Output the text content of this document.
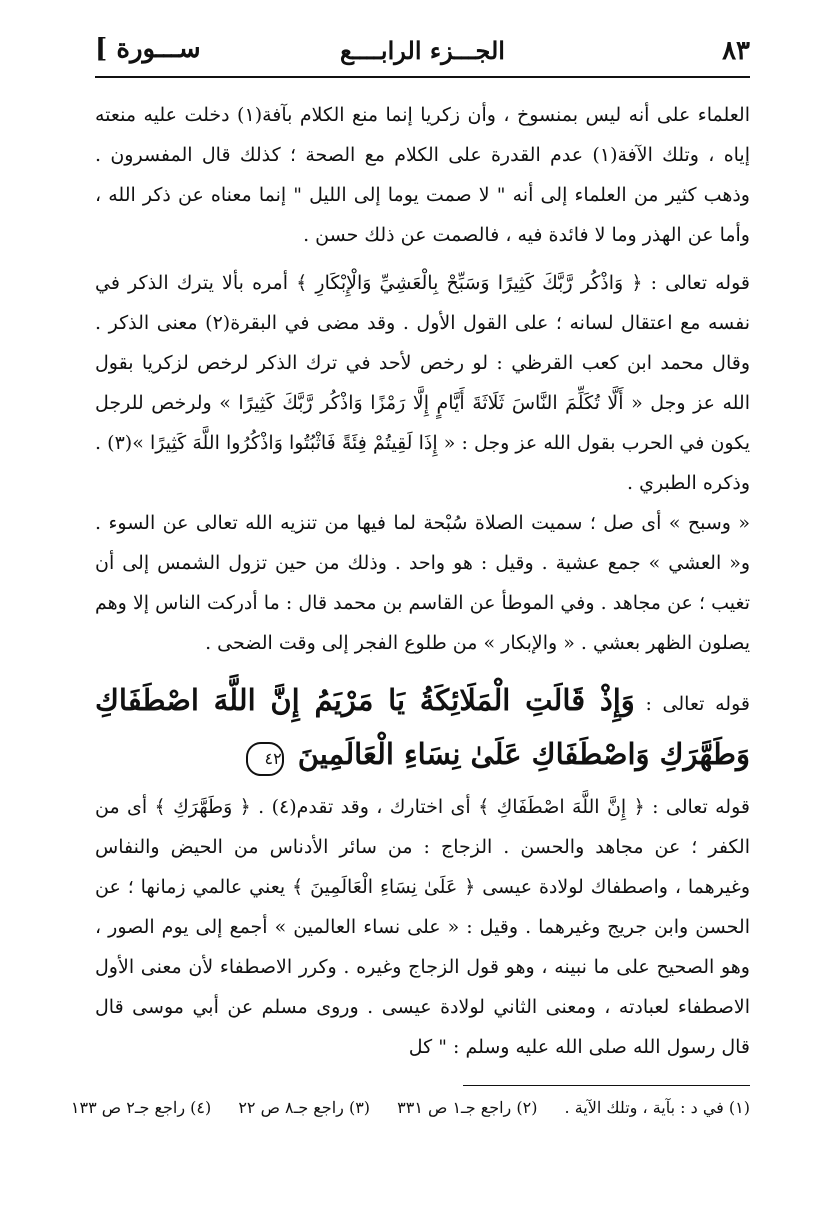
٨٣
الجـــزء الرابــــع
ســـورة ]

العلماء على أنه ليس بمنسوخ ، وأن زكريا إنما منع الكلام بآفة(١) دخلت عليه منعته إياه ، وتلك الآفة(١) عدم القدرة على الكلام مع الصحة ؛ كذلك قال المفسرون . وذهب كثير من العلماء إلى أنه " لا صمت يوما إلى الليل " إنما معناه عن ذكر الله ، وأما عن الهذر وما لا فائدة فيه ، فالصمت عن ذلك حسن .

قوله تعالى : ﴿ وَاذْكُر رَّبَّكَ كَثِيرًا وَسَبِّحْ بِالْعَشِيِّ وَالْإِبْكَارِ ﴾ أمره بألا يترك الذكر في نفسه مع اعتقال لسانه ؛ على القول الأول . وقد مضى في البقرة(٢) معنى الذكر . وقال محمد ابن كعب القرظي : لو رخص لأحد في ترك الذكر لرخص لزكريا بقول الله عز وجل « أَلَّا تُكَلِّمَ النَّاسَ ثَلَاثَةَ أَيَّامٍ إِلَّا رَمْزًا وَاذْكُر رَّبَّكَ كَثِيرًا » ولرخص للرجل يكون في الحرب بقول الله عز وجل : « إِذَا لَقِيتُمْ فِئَةً فَاثْبُتُوا وَاذْكُرُوا اللَّهَ كَثِيرًا »(٣) . وذكره الطبري .

« وسبح » أى صل ؛ سميت الصلاة سُبْحة لما فيها من تنزيه الله تعالى عن السوء . و« العشي » جمع عشية . وقيل : هو واحد . وذلك من حين تزول الشمس إلى أن تغيب ؛ عن مجاهد . وفي الموطأ عن القاسم بن محمد قال : ما أدركت الناس إلا وهم يصلون الظهر بعشي . « والإبكار » من طلوع الفجر إلى وقت الضحى .

قوله تعالى : وَإِذْ قَالَتِ الْمَلَائِكَةُ يَا مَرْيَمُ إِنَّ اللَّهَ اصْطَفَاكِ وَطَهَّرَكِ وَاصْطَفَاكِ عَلَىٰ نِسَاءِ الْعَالَمِينَ ٤٢

قوله تعالى : ﴿ إِنَّ اللَّهَ اصْطَفَاكِ ﴾ أى اختارك ، وقد تقدم(٤) . ﴿ وَطَهَّرَكِ ﴾ أى من الكفر ؛ عن مجاهد والحسن . الزجاج : من سائر الأدناس من الحيض والنفاس وغيرهما ، واصطفاك لولادة عيسى ﴿ عَلَىٰ نِسَاءِ الْعَالَمِينَ ﴾ يعني عالمي زمانها ؛ عن الحسن وابن جريج وغيرهما . وقيل : « على نساء العالمين » أجمع إلى يوم الصور ، وهو الصحيح على ما نبينه ، وهو قول الزجاج وغيره . وكرر الاصطفاء لأن معنى الأول الاصطفاء لعبادته ، ومعنى الثاني لولادة عيسى . وروى مسلم عن أبي موسى قال قال رسول الله صلى الله عليه وسلم : " كل

(١) في د : بآية ، وتلك الآية . (٢) راجع جـ١ ص ٣٣١ (٣) راجع جـ٨ ص ٢٢ (٤) راجع جـ٢ ص ١٣٣
